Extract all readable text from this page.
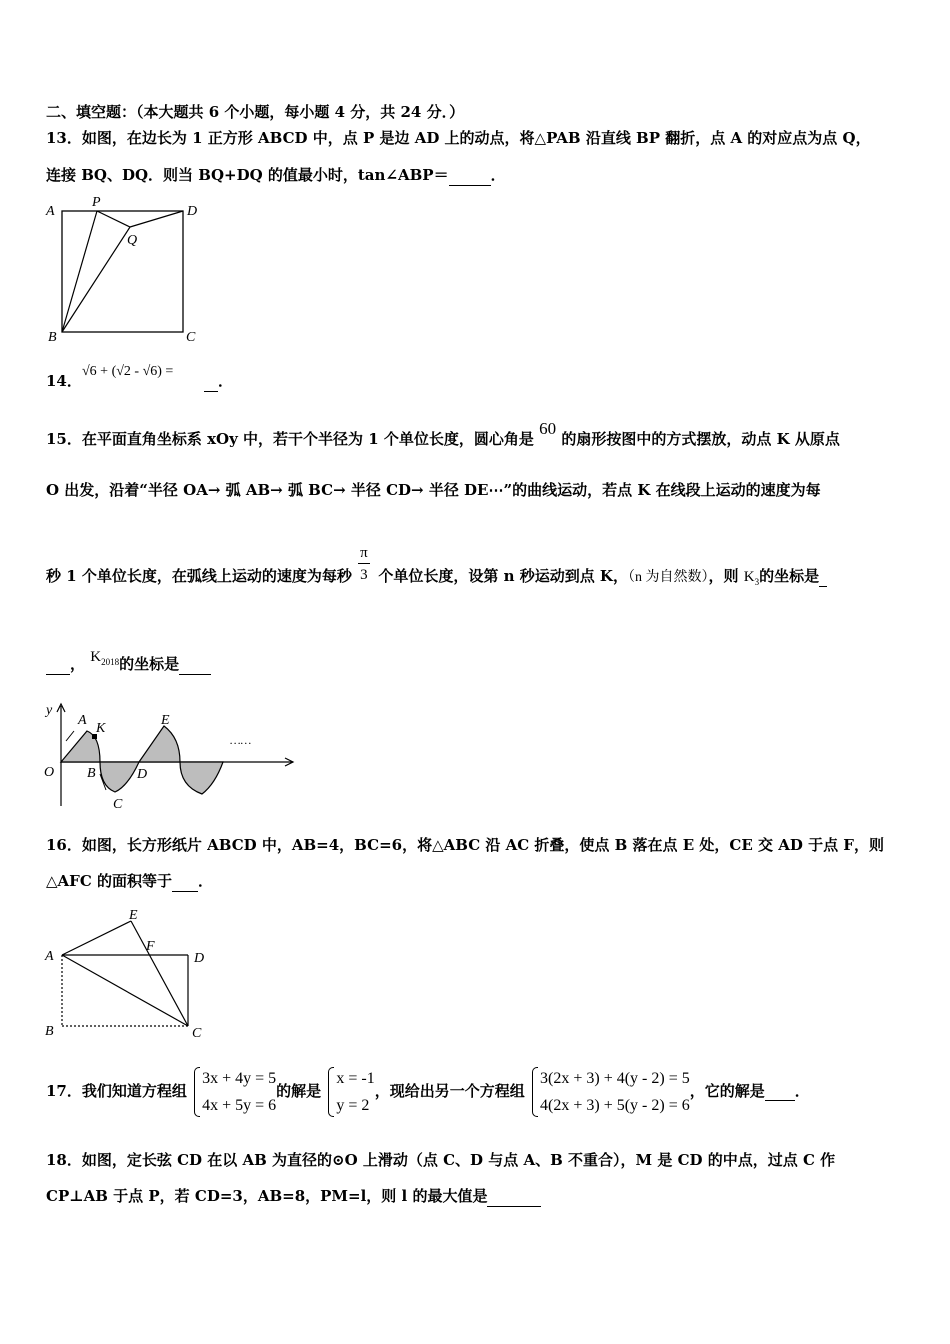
二、填空题：（本大题共 6 个小题，每小题 4 分，共 24 分．）
13．如图，在边长为 1 正方形 ABCD 中，点 P 是边 AD 上的动点，将△PAB 沿直线 BP 翻折，点 A 的对应点为点 Q，
连接 BQ、DQ．则当 BQ+DQ 的值最小时，tan∠ABP＝	．
A
P
D
Q
B	C
14．
√6 + (√2 - √6) =
．
15．在平面直角坐标系 xOy 中，若干个半径为 1 个单位长度，圆心角是 60 的扇形按图中的方式摆放，动点 K 从原点
O 出发，沿着“半径 OA→ 弧 AB→ 弧 BC→ 半径 CD→ 半径 DE⋯”的曲线运动，若点 K 在线段上运动的速度为每
秒 1 个单位长度，在弧线上运动的速度为每秒 $\frac{\pi}{3}$ 个单位长度，设第 n 秒运动到点 K，（n 为自然数），则 $K_3$的坐标是
， $K_{2018}$的坐标是
y
A
K
E
O B	D
C
……
16．如图，长方形纸片 ABCD 中，AB=4，BC=6，将△ABC 沿 AC 折叠，使点 B 落在点 E 处，CE 交 AD 于点 F，则
△AFC 的面积等于 ．
E
F
A	D
B	C
17．我们知道方程组
3x + 4y = 5
4x + 5y = 6
的解是
x = -1
y = 2
，现给出另一个方程组
3(2x + 3) + 4(y - 2) = 5
4(2x + 3) + 5(y - 2) = 6
，它的解是 ．
18．如图，定长弦 CD 在以 AB 为直径的⊙O 上滑动（点 C、D 与点 A、B 不重合），M 是 CD 的中点，过点 C 作
CP⊥AB 于点 P，若 CD=3，AB=8，PM=l，则 l 的最大值是
